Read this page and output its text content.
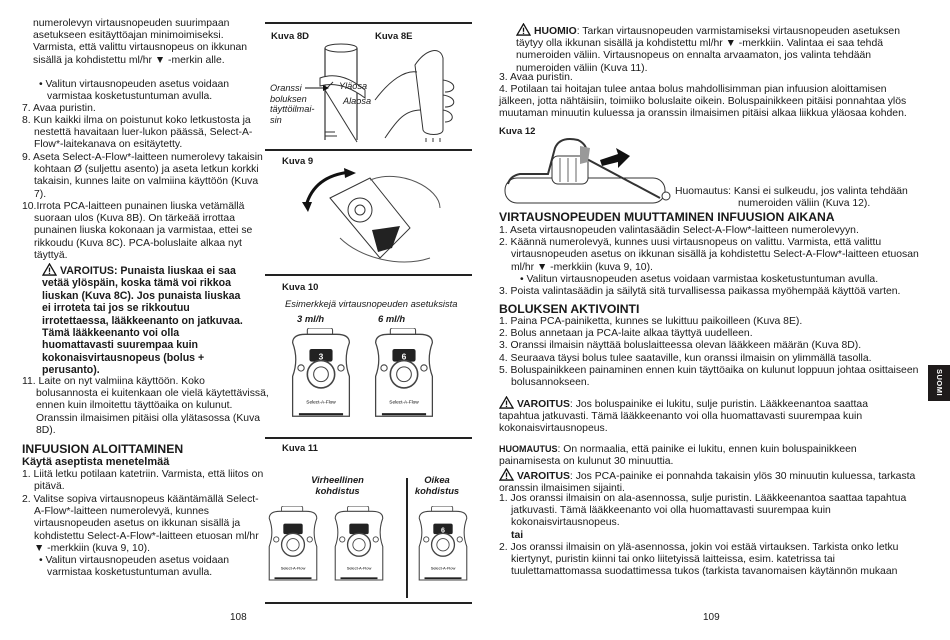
numerolevyn virtausnopeuden suurimpaan asetukseen esitäyttöajan minimoimiseksi. Varmista, että valittu virtausnopeus on ikkunan sisällä ja kohdistettu ml/hr ▼ -merkin alle.
• Valitun virtausnopeuden asetus voidaan varmistaa kosketustuntuman avulla.
7. Avaa puristin.
8. Kun kaikki ilma on poistunut koko letkustosta ja nestettä havaitaan luer-lukon päässä, Select-A-Flow*-laitekanava on esitäytetty.
9. Aseta Select-A-Flow*-laitteen numerolevy takaisin kohtaan Ø (suljettu asento) ja aseta letkun korkki takaisin, kunnes laite on valmiina käyttöön (Kuva 7).
10.Irrota PCA-laitteen punainen liuska vetämällä suoraan ulos (Kuva 8B). On tärkeää irrottaa punainen liuska kokonaan ja varmistaa, ettei se rikkoudu (Kuva 8C). PCA-boluslaite alkaa nyt täyttyä.
VAROITUS: Punaista liuskaa ei saa vetää ylöspäin, koska tämä voi rikkoa liuskan (Kuva 8C). Jos punaista liuskaa ei irroteta tai jos se rikkoutuu irrotettaessa, lääkkeenanto on jatkuvaa. Tämä lääkkeenanto voi olla huomattavasti suurempaa kuin kokonaisvirtausnopeus (bolus + perusanto).
11. Laite on nyt valmiina käyttöön. Koko bolusannosta ei kuitenkaan ole vielä käytettävissä, ennen kuin ilmoitettu täyttöaika on kulunut. Oranssin ilmaisimen pitäisi olla ylätasossa (Kuva 8D).
INFUUSION ALOITTAMINEN
Käytä aseptista menetelmää
1. Liitä letku potilaan katetriin. Varmista, että liitos on pitävä.
2. Valitse sopiva virtausnopeus kääntämällä Select-A-Flow*-laitteen numerolevyä, kunnes virtausnopeuden asetus on ikkunan sisällä ja kohdistettu Select-A-Flow*-laitteen etuosan ml/hr ▼ -merkkiin (kuva 9, 10).
• Valitun virtausnopeuden asetus voidaan varmistaa kosketustuntuman avulla.
108
Kuva 8D	Kuva 8E
Oranssi boluksen täyttöilmai-sin
Yläosa
Alaosa
Kuva 9
Kuva 10
Esimerkkejä virtausnopeuden asetuksista
3 ml/h	6 ml/h
3
Select-A-Flow
6
Select-A-Flow
Kuva 11
Virheellinen kohdistus
Oikea kohdistus
Select-A-Flow	Select-A-Flow
6
Select-A-Flow
HUOMIO: Tarkan virtausnopeuden varmistamiseksi virtausnopeuden asetuksen täytyy olla ikkunan sisällä ja kohdistettu ml/hr ▼ -merkkiin. Valintaa ei saa tehdä numeroiden väliin. Virtausnopeus on ennalta arvaamaton, jos valinta tehdään numeroiden väliin (Kuva 11).
3. Avaa puristin.
4. Potilaan tai hoitajan tulee antaa bolus mahdollisimman pian infuusion aloittamisen jälkeen, jotta nähtäisiin, toimiiko boluslaite oikein. Boluspainikkeen pitäisi ponnahtaa ylös muutaman minuutin kuluessa ja oranssin ilmaisimen pitäisi alkaa liikkua yläosaa kohden.
Kuva 12
Huomautus: Kansi ei sulkeudu, jos valinta tehdään
numeroiden väliin (Kuva 12).
VIRTAUSNOPEUDEN MUUTTAMINEN INFUUSION AIKANA
1. Aseta virtausnopeuden valintasäädin Select-A-Flow*-laitteen numerolevyyn.
2. Käännä numerolevyä, kunnes uusi virtausnopeus on valittu. Varmista, että valittu virtausnopeuden asetus on ikkunan sisällä ja kohdistettu Select-A-Flow*-laitteen etuosan ml/hr ▼ -merkkiin (kuva 9, 10).
• Valitun virtausnopeuden asetus voidaan varmistaa kosketustuntuman avulla.
3. Poista valintasäädin ja säilytä sitä turvallisessa paikassa myöhempää käyttöä varten.
BOLUKSEN AKTIVOINTI
1. Paina PCA-painiketta, kunnes se lukittuu paikoilleen (Kuva 8E).
2. Bolus annetaan ja PCA-laite alkaa täyttyä uudelleen.
3. Oranssi ilmaisin näyttää boluslaitteessa olevan lääkkeen määrän (Kuva 8D).
4. Seuraava täysi bolus tulee saataville, kun oranssi ilmaisin on ylimmällä tasolla.
5. Boluspainikkeen painaminen ennen kuin täyttöaika on kulunut loppuun johtaa osittaiseen bolusannokseen.
VAROITUS: Jos boluspainike ei lukitu, sulje puristin. Lääkkeenantoa saattaa tapahtua jatkuvasti. Tämä lääkkeenanto voi olla huomattavasti suurempaa kuin kokonaisvirtausnopeus.
HUOMAUTUS: On normaalia, että painike ei lukitu, ennen kuin boluspainikkeen painamisesta on kulunut 30 minuuttia.
VAROITUS: Jos PCA-painike ei ponnahda takaisin ylös 30 minuutin kuluessa, tarkasta oranssin ilmaisimen sijainti.
1. Jos oranssi ilmaisin on ala-asennossa, sulje puristin. Lääkkeenantoa saattaa tapahtua jatkuvasti. Tämä lääkkeenanto voi olla huomattavasti suurempaa kuin kokonaisvirtausnopeus.
tai
2. Jos oranssi ilmaisin on ylä-asennossa, jokin voi estää virtauksen. Tarkista onko letku kiertynyt, puristin kiinni tai onko liitetyissä laitteissa, esim. katetrissa tai tuulettamattomassa suodattimessa tukos (tarkista tavanomaisen käytännön mukaan
109
SUOMI
